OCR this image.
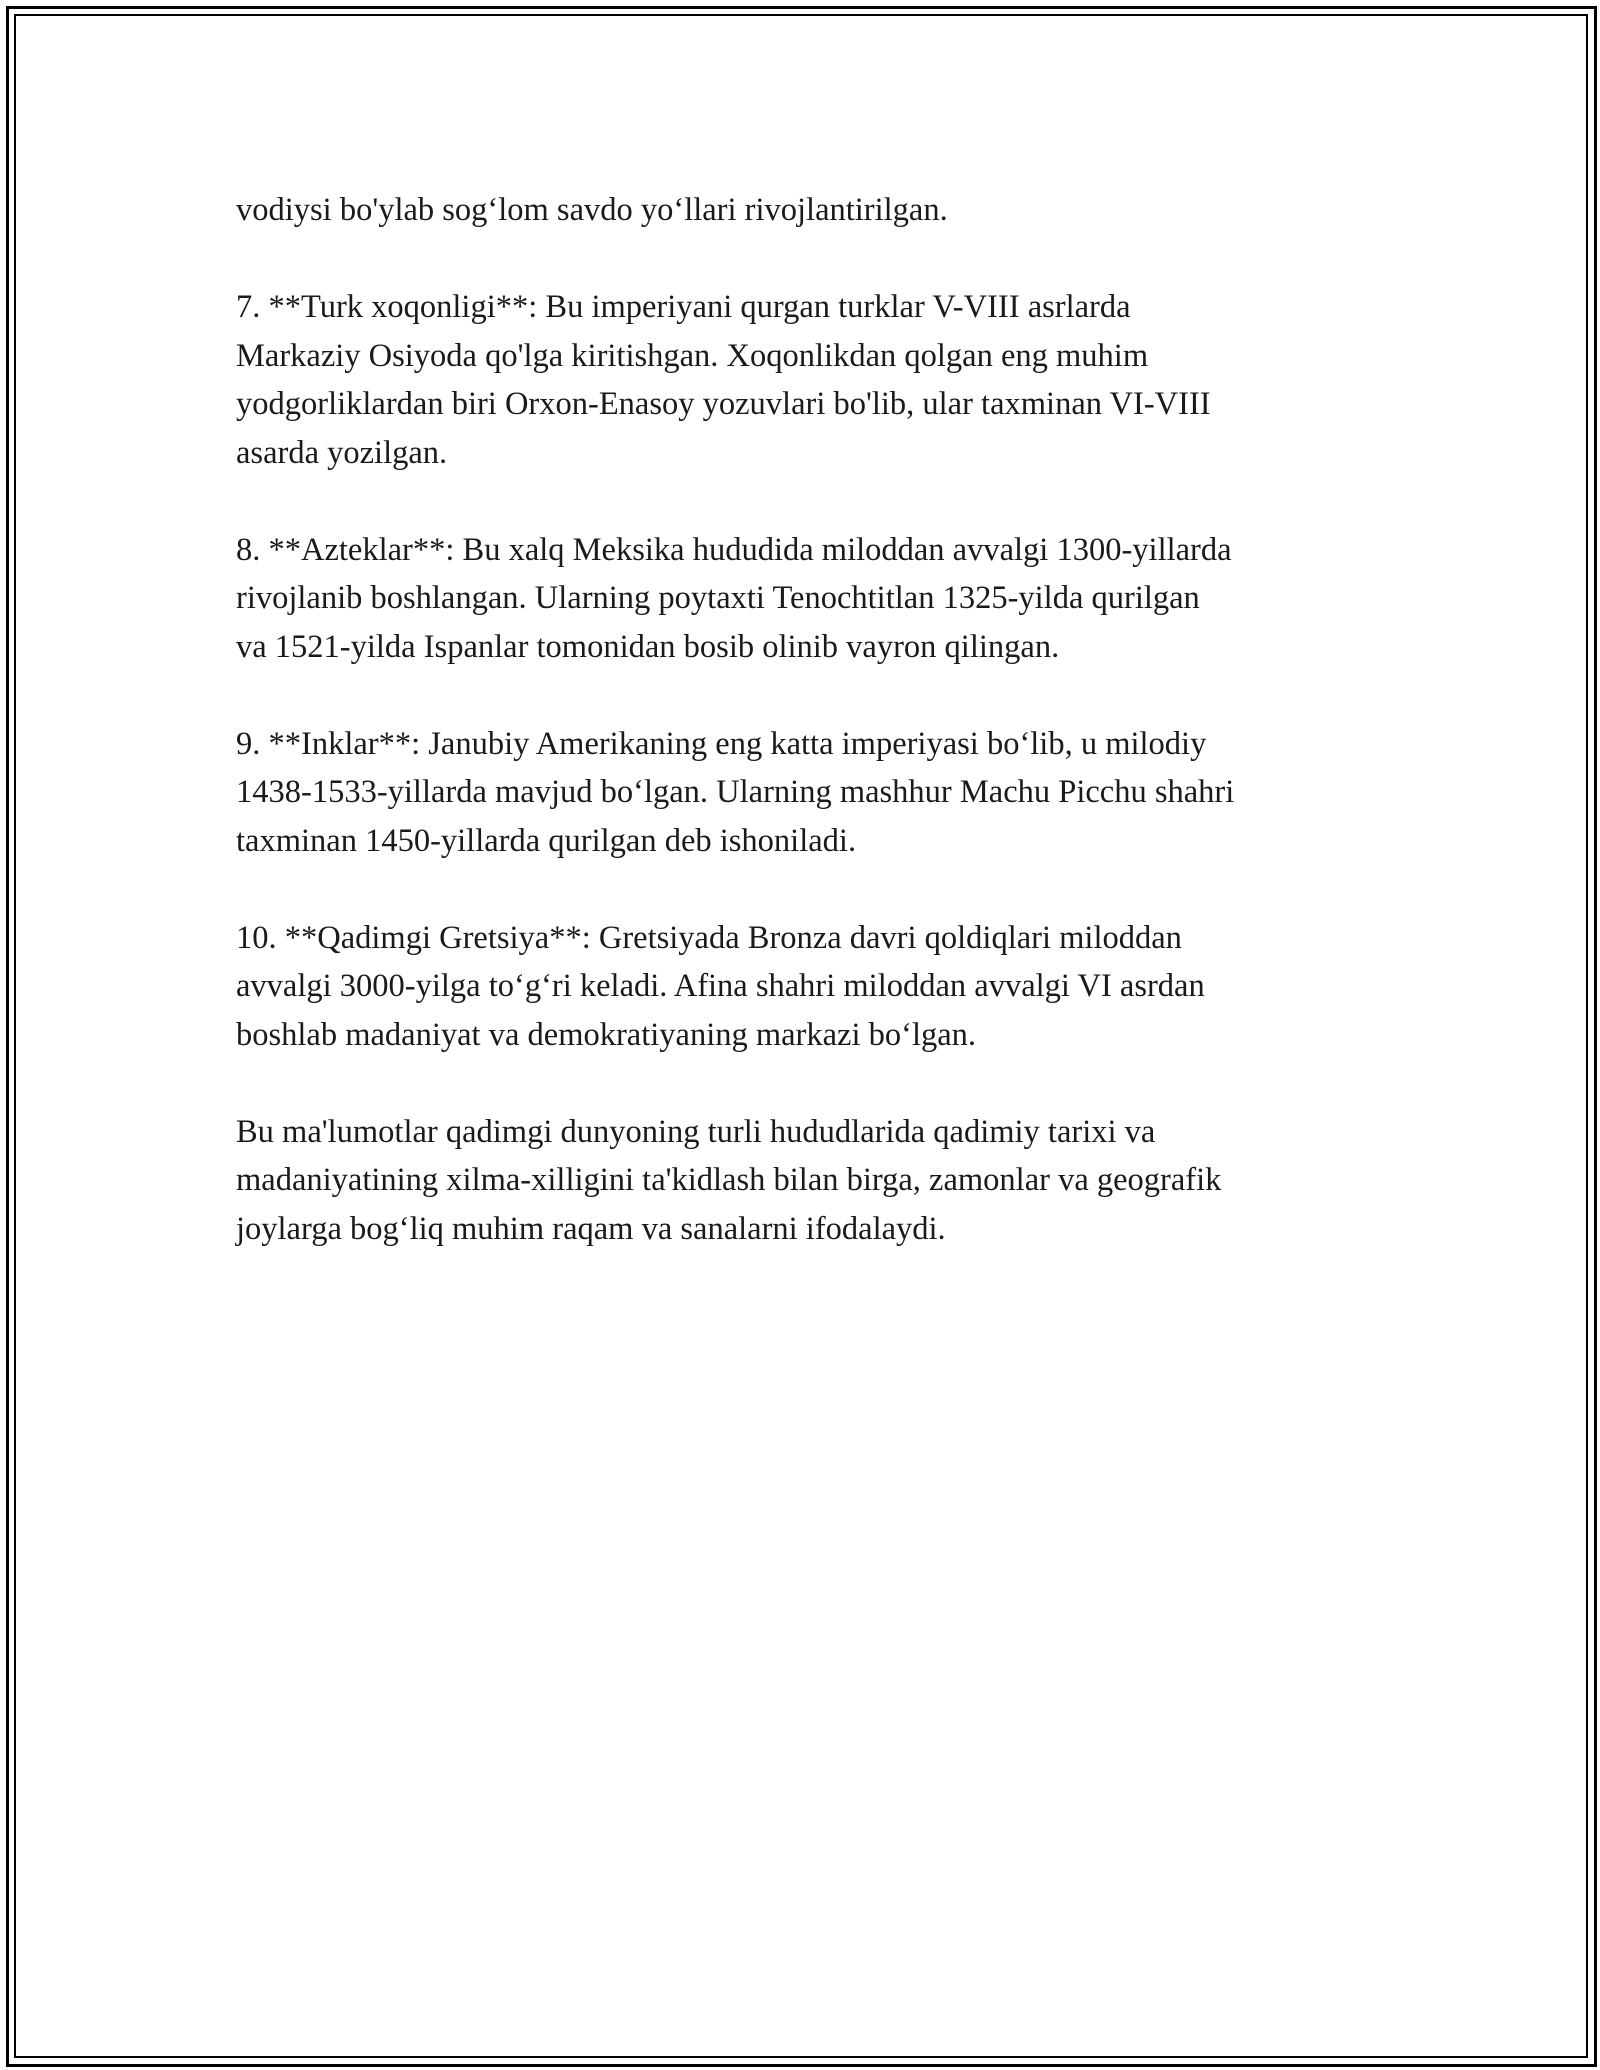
vodiysi bo'ylab sog‘lom savdo yo‘llari rivojlantirilgan.

7. **Turk xoqonligi**: Bu imperiyani qurgan turklar V-VIII asrlarda
Markaziy Osiyoda qo'lga kiritishgan. Xoqonlikdan qolgan eng muhim
yodgorliklardan biri Orxon-Enasoy yozuvlari bo'lib, ular taxminan VI-VIII
asarda yozilgan.

8. **Azteklar**: Bu xalq Meksika hududida miloddan avvalgi 1300-yillarda
rivojlanib boshlangan. Ularning poytaxti Tenochtitlan 1325-yilda qurilgan
va 1521-yilda Ispanlar tomonidan bosib olinib vayron qilingan.

9. **Inklar**: Janubiy Amerikaning eng katta imperiyasi bo‘lib, u milodiy
1438-1533-yillarda mavjud bo‘lgan. Ularning mashhur Machu Picchu shahri
taxminan 1450-yillarda qurilgan deb ishoniladi.

10. **Qadimgi Gretsiya**: Gretsiyada Bronza davri qoldiqlari miloddan
avvalgi 3000-yilga to‘g‘ri keladi. Afina shahri miloddan avvalgi VI asrdan
boshlab madaniyat va demokratiyaning markazi bo‘lgan.

Bu ma'lumotlar qadimgi dunyoning turli hududlarida qadimiy tarixi va
madaniyatining xilma-xilligini ta'kidlash bilan birga, zamonlar va geografik
joylarga bog‘liq muhim raqam va sanalarni ifodalaydi.
